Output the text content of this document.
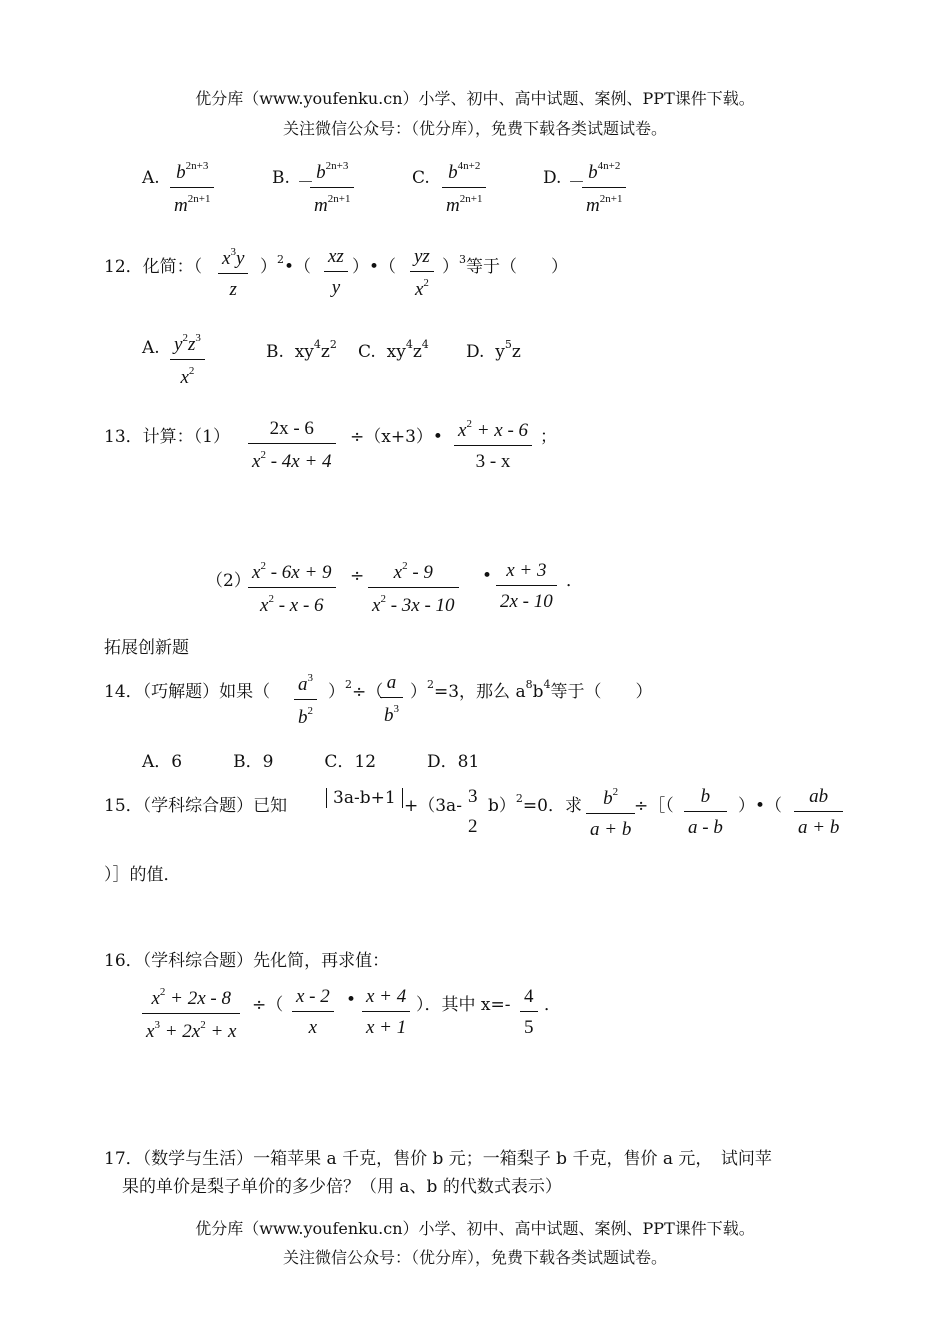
优分库（www.youfenku.cn）小学、初中、高中试题、案例、PPT课件下载。
关注微信公众号：（优分库），免费下载各类试题试卷。
A. $\frac{b^{2n+3}}{m^{2n+1}}$	B. －
$\frac{b^{2n+3}}{m^{2n+1}}$	C. $\frac{b^{4n+2}}{m^{2n+1}}$	D. －
$\frac{b^{4n+2}}{m^{2n+1}}$
12．化简：（ $\frac{x^3y}{z}$ ）$^2$•（ $\frac{xz}{y}$ ）•（ $\frac{yz}{x^2} )^3$等于（　　）
A. $\frac{y^2z^3}{x^2}$	B. $xy^4z^2$ C. $xy^4z^4$ D. $y^5z$
13．计算：$(1) \frac{2x - 6}{x^2 - 4x + 4}$ ÷（x+3）• $\frac{x^2 + x - 6}{3 - x}$ ；
（2）
$\frac{x^2 - 6x + 9}{x^2 - x - 6} \div \frac{x^2 - 9}{x^2 - 3x - 10}$ • $\frac{x + 3}{2x - 10}$ ．
拓展创新题
14．（巧解题）如果（ $\frac{a^3}{b^2} )^2\div$（
$\frac{a}{b^3} )^2=3$，那么 $a^8b^4$等于（　　）
A．6　　　B．9　　　C．12　　　D．81
15．（学科综合题）已知	3a-b+1 +（3a- 3
2
b）$^2$=0．求 $\frac{b^2}{a + b}$
÷［（ $\frac{b}{a - b}$ ）•（ $\frac{ab}{a + b}$
）］的值．
16．（学科综合题）先化简，再求值：
$\frac{x^2 + 2x - 8}{x^3 + 2x^2 + x}$ ÷（ $\frac{x - 2}{x}$ • $\frac{x + 4}{x + 1}$ ）．其中 $x=- \frac{4}{5}$ ．
17．（数学与生活）一箱苹果 a 千克，售价 b 元；一箱梨子 b 千克，售价 a 元，　试问苹
果的单价是梨子单价的多少倍？（用 a、b 的代数式表示）
优分库（www.youfenku.cn）小学、初中、高中试题、案例、PPT课件下载。
关注微信公众号：（优分库），免费下载各类试题试卷。
